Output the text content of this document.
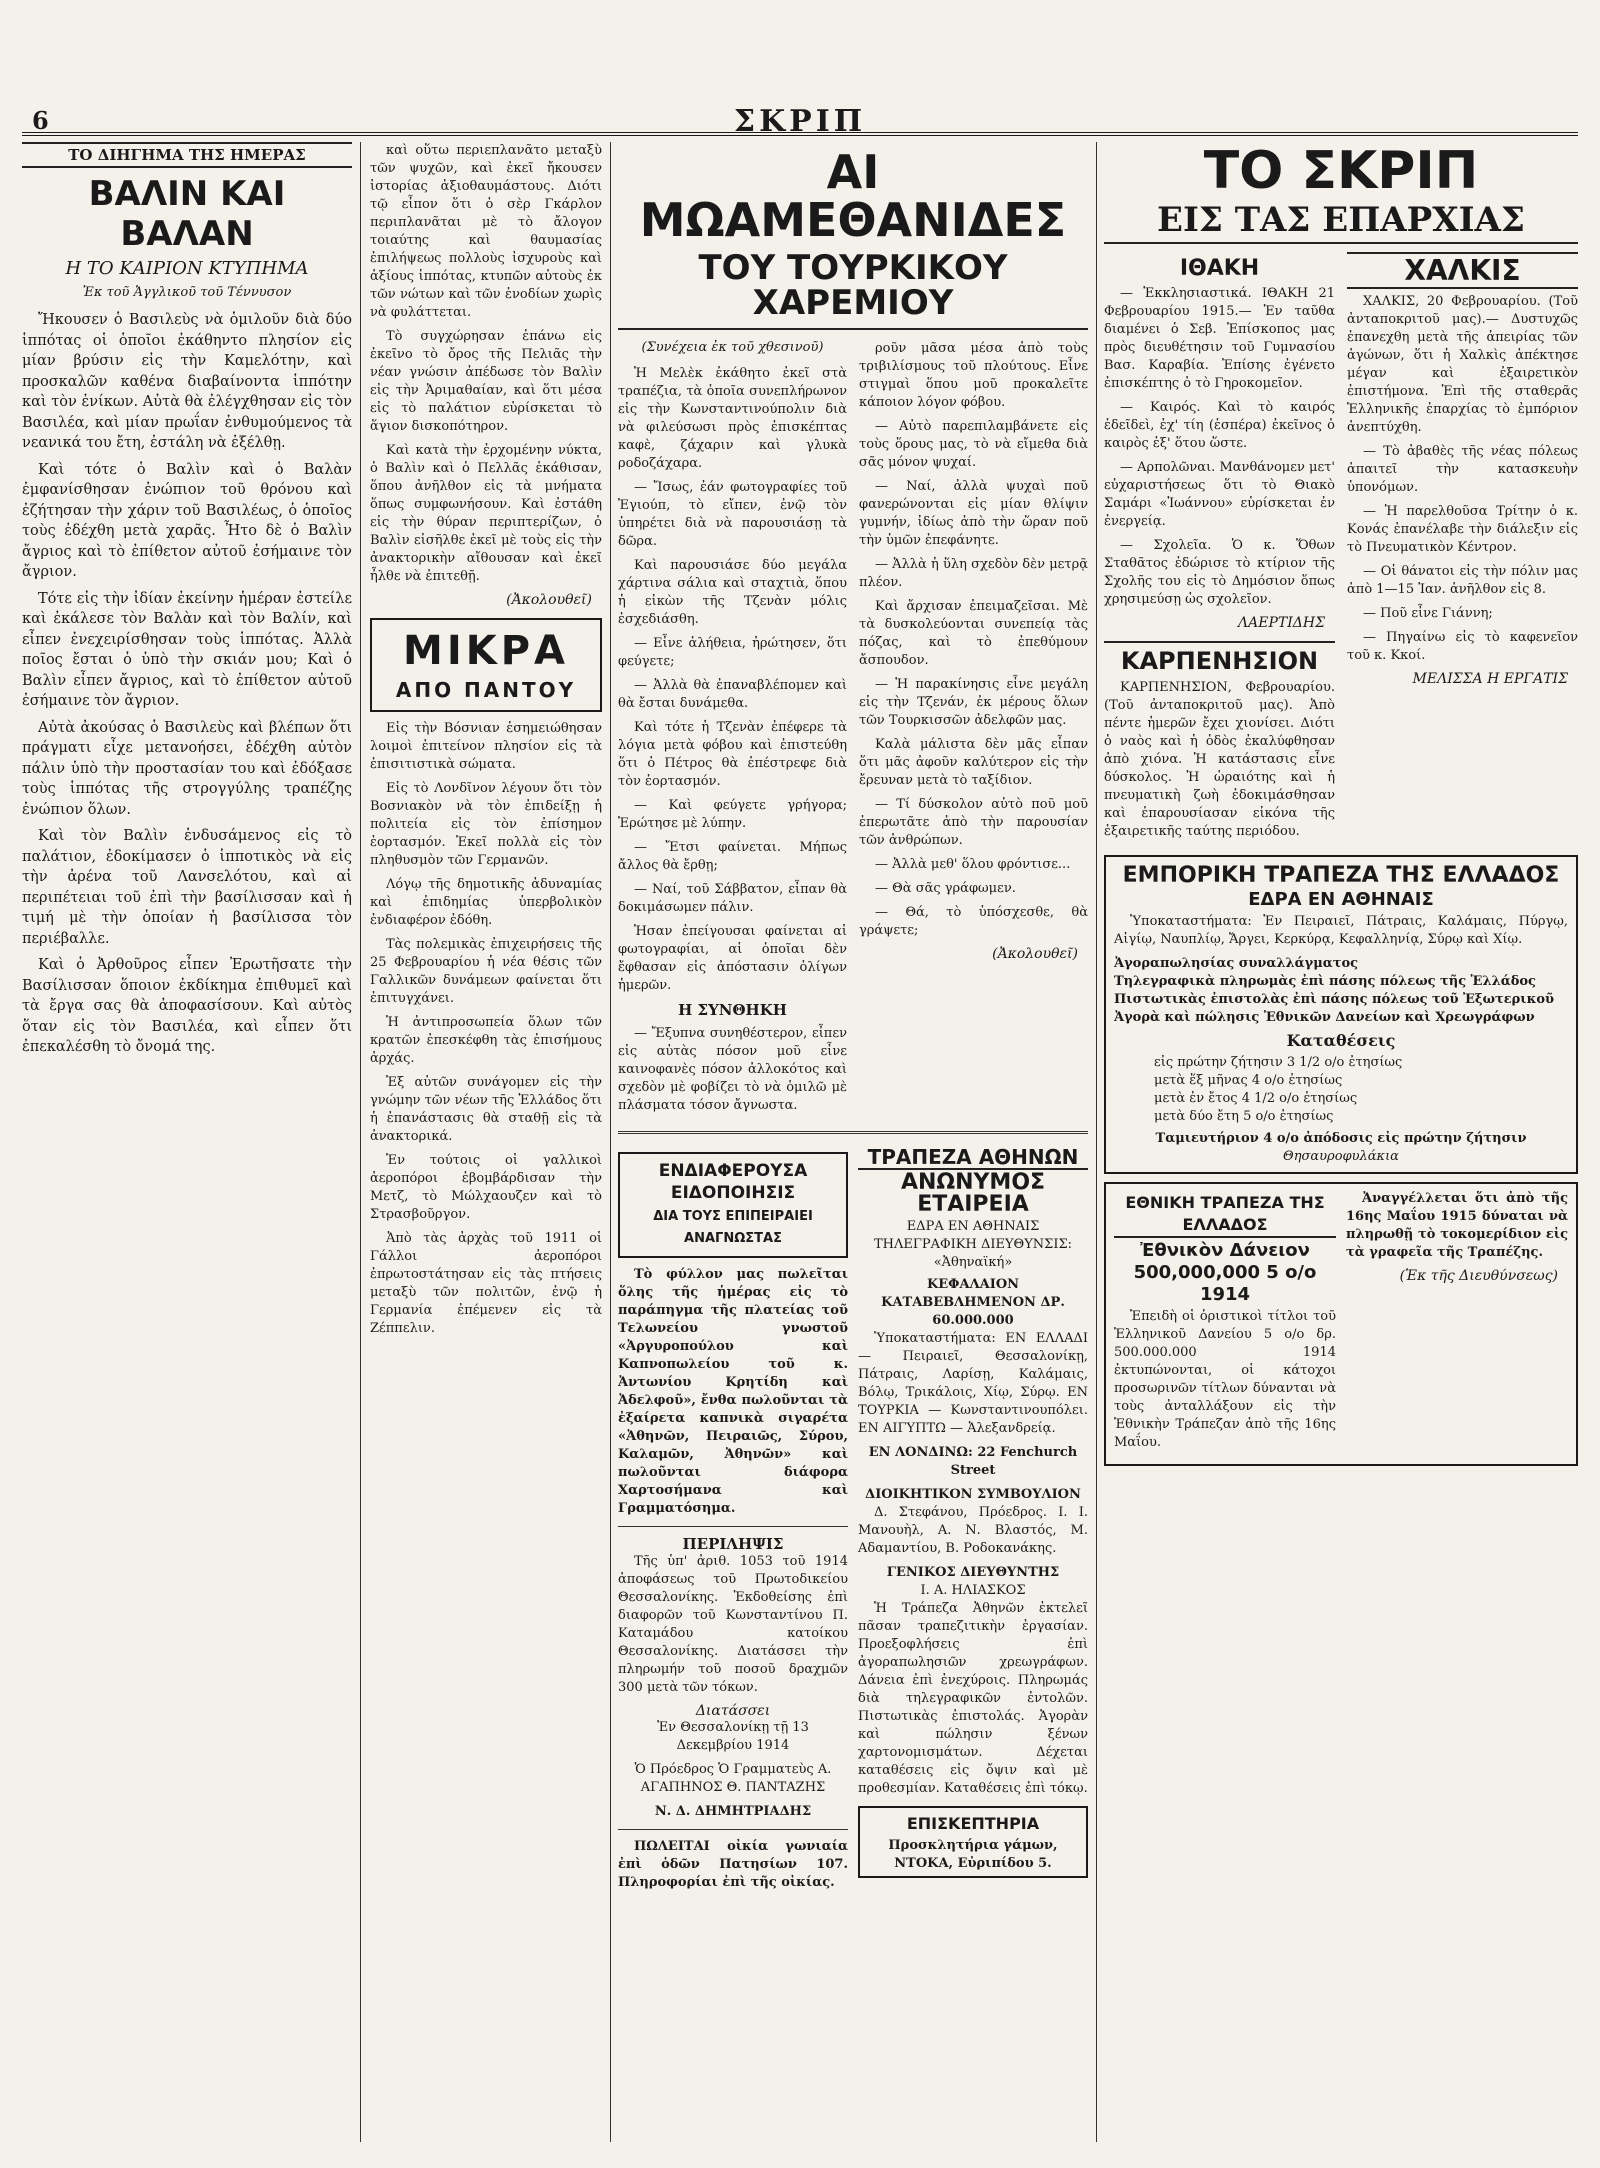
6	ΣΚΡΙΠ
ΤΟ ΔΙΗΓΗΜΑ ΤΗΣ ΗΜΕΡΑΣ
ΒΑΛΙΝ ΚΑΙ ΒΑΛΑΝ
Η ΤΟ ΚΑΙΡΙΟΝ ΚΤΥΠΗΜΑ
Ἐκ τοῦ Ἀγγλικοῦ τοῦ Τέννυσον

Ἤκουσεν ὁ Βασιλεὺς νὰ ὁμιλοῦν διὰ δύο ἱππότας οἱ ὁποῖοι ἐκάθηντο πλησίον εἰς μίαν βρύσιν εἰς τὴν Καμελότην, καὶ προσκαλῶν καθένα διαβαίνοντα ἱππότην καὶ τὸν ἐνίκων. Αὐτὰ θὰ ἐλέγχθησαν εἰς τὸν Βασιλέα, καὶ μίαν πρωΐαν ἐνθυμούμενος τὰ νεανικά του ἔτη, ἐστάλη νὰ ἐξέλθῃ.

Καὶ τότε ὁ Βαλὶν καὶ ὁ Βαλὰν ἐμφανίσθησαν ἐνώπιον τοῦ θρόνου καὶ ἐζήτησαν τὴν χάριν τοῦ Βασιλέως, ὁ ὁποῖος τοὺς ἐδέχθη μετὰ χαρᾶς. Ἦτο δὲ ὁ Βαλὶν ἄγριος καὶ τὸ ἐπίθετον αὐτοῦ ἐσήμαινε τὸν ἄγριον.

Τότε εἰς τὴν ἰδίαν ἐκείνην ἡμέραν ἐστείλε καὶ ἐκάλεσε τὸν Βαλὰν καὶ τὸν Βαλίν, καὶ εἶπεν ἐνεχειρίσθησαν τοὺς ἱππότας. Ἀλλὰ ποῖος ἔσται ὁ ὑπὸ τὴν σκιάν μου; Καὶ ὁ Βαλὶν εἶπεν ἄγριος, καὶ τὸ ἐπίθετον αὐτοῦ ἐσήμαινε τὸν ἄγριον.

Αὐτὰ ἀκούσας ὁ Βασιλεὺς καὶ βλέπων ὅτι πράγματι εἶχε μετανοήσει, ἐδέχθη αὐτὸν πάλιν ὑπὸ τὴν προστασίαν του καὶ ἐδόξασε τοὺς ἱππότας τῆς στρογγύλης τραπέζης ἐνώπιον ὅλων.

Καὶ τὸν Βαλὶν ἐνδυσάμενος εἰς τὸ παλάτιον, ἐδοκίμασεν ὁ ἱπποτικὸς νὰ εἰς τὴν ἀρένα τοῦ Λανσελότου, καὶ αἱ περιπέτειαι τοῦ ἐπὶ τὴν βασίλισσαν καὶ ἡ τιμή μὲ τὴν ὁποίαν ἡ βασίλισσα τὸν περιέβαλλε.

Καὶ ὁ Ἀρθοῦρος εἶπεν Ἐρωτῆσατε τὴν Βασίλισσαν ὅποιον ἐκδίκημα ἐπιθυμεῖ καὶ τὰ ἔργα σας θὰ ἀποφασίσουν. Καὶ αὐτὸς ὅταν εἰς τὸν Βασιλέα, καὶ εἶπεν ὅτι ἐπεκαλέσθη τὸ ὄνομά της.

καὶ οὕτω περιεπλανᾶτο μεταξὺ τῶν ψυχῶν, καὶ ἐκεῖ ἤκουσεν ἱστορίας ἀξιοθαυμάστους. Διότι τῷ εἶπον ὅτι ὁ σὲρ Γκάρλον περιπλανᾶται μὲ τὸ ἄλογον τοιαύτης καὶ θαυμασίας ἐπιλήψεως πολλοὺς ἰσχυροὺς καὶ ἀξίους ἱππότας, κτυπῶν αὐτοὺς ἐκ τῶν νώτων καὶ τῶν ἐνοδίων χωρὶς νὰ φυλάττεται.

Τὸ συγχώρησαν ἐπάνω εἰς ἐκεῖνο τὸ ὄρος τῆς Πελιᾶς τὴν νέαν γνώσιν ἀπέδωσε τὸν Βαλὶν εἰς τὴν Ἀριμαθαίαν, καὶ ὅτι μέσα εἰς τὸ παλάτιον εὑρίσκεται τὸ ἅγιον δισκοπότηρον.

Καὶ κατὰ τὴν ἐρχομένην νύκτα, ὁ Βαλὶν καὶ ὁ Πελλᾶς ἐκάθισαν, ὅπου ἀνῆλθον εἰς τὰ μνήματα ὅπως συμφωνήσουν. Καὶ ἐστάθη εἰς τὴν θύραν περιπτερίζων, ὁ Βαλὶν εἰσῆλθε ἐκεῖ μὲ τοὺς εἰς τὴν ἀνακτορικὴν αἴθουσαν καὶ ἐκεῖ ἦλθε νὰ ἐπιτεθῇ.

(Ἀκολουθεῖ)
ΜΙΚΡΑ
ΑΠΟ ΠΑΝΤΟΥ

Εἰς τὴν Βόσνιαν ἐσημειώθησαν λοιμοὶ ἐπιτείνον πλησίον εἰς τὰ ἐπισιτιστικὰ σώματα.

Εἰς τὸ Λονδῖνον λέγουν ὅτι τὸν Βοσνιακὸν νὰ τὸν ἐπιδείξῃ ἡ πολιτεία εἰς τὸν ἐπίσημον ἑορτασμόν. Ἐκεῖ πολλὰ εἰς τὸν πληθυσμὸν τῶν Γερμανῶν.

Λόγῳ τῆς δημοτικῆς ἀδυναμίας καὶ ἐπιδημίας ὑπερβολικὸν ἐνδιαφέρον ἐδόθη.

Τὰς πολεμικὰς ἐπιχειρήσεις τῆς 25 Φεβρουαρίου ἡ νέα θέσις τῶν Γαλλικῶν δυνάμεων φαίνεται ὅτι ἐπιτυγχάνει.

Ἡ ἀντιπροσωπεία ὅλων τῶν κρατῶν ἐπεσκέφθη τὰς ἐπισήμους ἀρχάς.

Ἐξ αὐτῶν συνάγομεν εἰς τὴν γνώμην τῶν νέων τῆς Ἑλλάδος ὅτι ἡ ἐπανάστασις θὰ σταθῇ εἰς τὰ ἀνακτορικά.

Ἐν τούτοις οἱ γαλλικοὶ ἀεροπόροι ἐβομβάρδισαν τὴν Μετζ, τὸ Μώλχαουζεν καὶ τὸ Στρασβοῦργον.

Ἀπὸ τὰς ἀρχὰς τοῦ 1911 οἱ Γάλλοι ἀεροπόροι ἐπρωτοστάτησαν εἰς τὰς πτήσεις μεταξὺ τῶν πολιτῶν, ἐνῷ ἡ Γερμανία ἐπέμενεν εἰς τὰ Ζέππελιν.

ΑΙ ΜΩΑΜΕΘΑΝΙΔΕΣ
ΤΟΥ ΤΟΥΡΚΙΚΟΥ ΧΑΡΕΜΙΟΥ
(Συνέχεια ἐκ τοῦ χθεσινοῦ)

Ἡ Μελὲκ ἐκάθητο ἐκεῖ στὰ τραπέζια, τὰ ὁποῖα συνεπλήρωνον εἰς τὴν Κωνσταντινούπολιν διὰ νὰ φιλεύσωσι πρὸς ἐπισκέπτας καφὲ, ζάχαριν καὶ γλυκὰ ροδοζάχαρα.

— Ἴσως, ἐάν φωτογραφίες τοῦ Ἐγιούπ, τὸ εἴπεν, ἐνῷ τὸν ὑπηρέτει διὰ νὰ παρουσιάσῃ τὰ δῶρα.

Καὶ παρουσιάσε δύο μεγάλα χάρτινα σάλια καὶ σταχτιὰ, ὅπου ἡ εἰκὼν τῆς Τζενὰν μόλις ἐσχεδιάσθη.

— Εἶνε ἀλήθεια, ἠρώτησεν, ὅτι φεύγετε;

— Ἀλλὰ θὰ ἐπαναβλέπομεν καὶ θὰ ἔσται δυνάμεθα.

Καὶ τότε ἡ Τζενὰν ἐπέφερε τὰ λόγια μετὰ φόβου καὶ ἐπιστεύθη ὅτι ὁ Πέτρος θὰ ἐπέστρεφε διὰ τὸν ἐορτασμόν.

— Καὶ φεύγετε γρήγορα; Ἐρώτησε μὲ λύπην.

— Ἔτσι φαίνεται. Μήπως ἄλλος θὰ ἔρθῃ;

— Ναί, τοῦ Σάββατον, εἶπαν θὰ δοκιμάσωμεν πάλιν.

Ἡσαν ἐπείγουσαι φαίνεται αἱ φωτογραφίαι, αἱ ὁποῖαι δὲν ἔφθασαν εἰς ἀπόστασιν ὀλίγων ἡμερῶν.

Η ΣΥΝΘΗΚΗ

— Ἔξυπνα συνηθέστερον, εἶπεν εἰς αὐτὰς πόσον μοῦ εἶνε καινοφανὲς πόσον ἀλλοκότος καὶ σχεδὸν μὲ φοβίζει τὸ νὰ ὁμιλῶ μὲ πλάσματα τόσον ἄγνωστα.

ροῦν μᾶσα μέσα ἀπὸ τοὺς τριβιλίσμους τοῦ πλούτους. Εἶνε στιγμαὶ ὅπου μοῦ προκαλεῖτε κάποιον λόγον φόβου.

— Αὐτὸ παρεπιλαμβάνετε εἰς τοὺς ὅρους μας, τὸ νὰ εἴμεθα διὰ σᾶς μόνον ψυχαί.

— Ναί, ἀλλὰ ψυχαὶ ποῦ φανερώνονται εἰς μίαν θλίψιν γυμνήν, ἰδίως ἀπὸ τὴν ὥραν ποῦ τὴν ὑμῶν ἐπεφάνητε.

— Ἀλλὰ ἡ ὕλη σχεδὸν δὲν μετρᾷ πλέον.

Καὶ ἄρχισαν ἐπειμαζεῖσαι. Μὲ τὰ δυσκολεύονται συνεπείᾳ τὰς πόζας, καὶ τὸ ἐπεθύμουν ἄσπουδον.

— Ἡ παρακίνησις εἶνε μεγάλη εἰς τὴν Τζενάν, ἐκ μέρους ὅλων τῶν Τουρκισσῶν ἀδελφῶν μας.

Καλὰ μάλιστα δὲν μᾶς εἶπαν ὅτι μᾶς ἀφοῦν καλύτερον εἰς τὴν ἔρευναν μετὰ τὸ ταξίδιον.

— Τί δύσκολον αὐτὸ ποῦ μοῦ ἐπερωτᾶτε ἀπὸ τὴν παρουσίαν τῶν ἀνθρώπων.

— Ἀλλὰ μεθ' ὅλου φρόντισε...

— Θὰ σᾶς γράφωμεν.

— Θά, τὸ ὑπόσχεσθε, θὰ γράψετε;

(Ἀκολουθεῖ)
ΕΝΔΙΑΦΕΡΟΥΣΑ ΕΙΔΟΠΟΙΗΣΙΣ
ΔΙΑ ΤΟΥΣ ΕΠΙΠΕΙΡΑΙΕΙ ΑΝΑΓΝΩΣΤΑΣ

Τὸ φύλλον μας πωλεῖται ὅλης τῆς ἡμέρας εἰς τὸ παράπηγμα τῆς πλατείας τοῦ Τελωνείου γνωστοῦ «Ἀργυροπούλου καὶ Καπνοπωλείου τοῦ κ. Ἀντωνίου Κρητίδη καὶ Ἀδελφοῦ», ἔνθα πωλοῦνται τὰ ἐξαίρετα καπνικὰ σιγαρέτα «Ἀθηνῶν, Πειραιῶς, Σύρου, Καλαμῶν, Ἀθηνῶν» καὶ πωλοῦνται διάφορα Χαρτοσήμανα καὶ Γραμματόσημα.

ΠΕΡΙΛΗΨΙΣ

Τῆς ὑπ' ἀριθ. 1053 τοῦ 1914 ἀποφάσεως τοῦ Πρωτοδικείου Θεσσαλονίκης. Ἐκδοθείσης ἐπὶ διαφορῶν τοῦ Κωνσταντίνου Π. Καταμάδου κατοίκου Θεσσαλονίκης. Διατάσσει τὴν πληρωμήν τοῦ ποσοῦ δραχμῶν 300 μετὰ τῶν τόκων.

Διατάσσει

Ἐν Θεσσαλονίκῃ τῇ 13 Δεκεμβρίου 1914

Ὁ Πρόεδρος Ὁ Γραμματεὺς Α. ΑΓΑΠΗΝΟΣ Θ. ΠΑΝΤΑΖΗΣ

Ν. Δ. ΔΗΜΗΤΡΙΑΔΗΣ

ΠΩΛΕΙΤΑΙ οἰκία γωνιαία ἐπὶ ὁδῶν Πατησίων 107. Πληροφορίαι ἐπὶ τῆς οἰκίας.

ΤΡΑΠΕΖΑ ΑΘΗΝΩΝ
ΑΝΩΝΥΜΟΣ ΕΤΑΙΡΕΙΑ
ΕΔΡΑ ΕΝ ΑΘΗΝΑΙΣ
ΤΗΛΕΓΡΑΦΙΚΗ ΔΙΕΥΘΥΝΣΙΣ: «Ἀθηναϊκή»
ΚΕΦΑΛΑΙΟΝ ΚΑΤΑΒΕΒΛΗΜΕΝΟΝ ΔΡ. 60.000.000

Ὑποκαταστήματα: ΕΝ ΕΛΛΑΔΙ — Πειραιεῖ, Θεσσαλονίκῃ, Πάτραις, Λαρίσῃ, Καλάμαις, Βόλῳ, Τρικάλοις, Χίῳ, Σύρῳ. ΕΝ ΤΟΥΡΚΙΑ — Κωνσταντινουπόλει. ΕΝ ΑΙΓΥΠΤΩ — Ἀλεξανδρείᾳ.

ΕΝ ΛΟΝΔΙΝΩ: 22 Fenchurch Street

ΔΙΟΙΚΗΤΙΚΟΝ ΣΥΜΒΟΥΛΙΟΝ

Δ. Στεφάνου, Πρόεδρος. Ι. Ι. Μανουὴλ, Α. Ν. Βλαστός, Μ. Αδαμαντίου, Β. Ροδοκανάκης.

ΓΕΝΙΚΟΣ ΔΙΕΥΘΥΝΤΗΣ
Ι. Α. ΗΛΙΑΣΚΟΣ

Ἡ Τράπεζα Ἀθηνῶν ἐκτελεῖ πᾶσαν τραπεζιτικὴν ἐργασίαν. Προεξοφλήσεις ἐπὶ ἀγοραπωλησιῶν χρεωγράφων. Δάνεια ἐπὶ ἐνεχύροις. Πληρωμάς διὰ τηλεγραφικῶν ἐντολῶν. Πιστωτικὰς ἐπιστολάς. Ἀγορὰν καὶ πώλησιν ξένων χαρτονομισμάτων. Δέχεται καταθέσεις εἰς ὄψιν καὶ μὲ προθεσμίαν. Καταθέσεις ἐπὶ τόκῳ.

ΕΠΙΣΚΕΠΤΗΡΙΑ
Προσκλητήρια γάμων, ΝΤΟΚΑ, Εὐριπίδου 5.
ΤΟ ΣΚΡΙΠ
ΕΙΣ ΤΑΣ ΕΠΑΡΧΙΑΣ
ΙΘΑΚΗ

— Ἐκκλησιαστικά. ΙΘΑΚΗ 21 Φεβρουαρίου 1915.— Ἐν ταῦθα διαμένει ὁ Σεβ. Ἐπίσκοπος μας πρὸς διευθέτησιν τοῦ Γυμνασίου Βασ. Καραβία. Ἐπίσης ἐγένετο ἐπισκέπτης ὁ τὸ Γηροκομεῖον.

— Καιρός. Καὶ τὸ καιρός ἐδεῖδεὶ, ἐχ' τίη (ἑσπέρα) ἐκεῖνος ὁ καιρὸς ἐξ' ὅτου ὥστε.

— Αρπολῶναι. Μανθάνομεν μετ' εὐχαριστήσεως ὅτι τὸ Θιακὸ Σαμάρι «Ἰωάννου» εὑρίσκεται ἐν ἐνεργείᾳ.

— Σχολεῖα. Ὁ κ. Ὅθων Σταθᾶτος ἐδώρισε τὸ κτίριον τῆς Σχολῆς του εἰς τὸ Δημόσιον ὅπως χρησιμεύσῃ ὡς σχολεῖον.

ΛΑΕΡΤΙΔΗΣ
ΚΑΡΠΕΝΗΣΙΟΝ

ΚΑΡΠΕΝΗΣΙΟΝ, Φεβρουαρίου. (Τοῦ ἀνταποκριτοῦ μας). Ἀπὸ πέντε ἡμερῶν ἔχει χιονίσει. Διότι ὁ ναὸς καὶ ἡ ὁδὸς ἐκαλύφθησαν ἀπὸ χιόνα. Ἡ κατάστασις εἶνε δύσκολος. Ἡ ὡραιότης καὶ ἡ πνευματικὴ ζωὴ ἐδοκιμάσθησαν καὶ ἐπαρουσίασαν εἰκόνα τῆς ἐξαιρετικῆς ταύτης περιόδου.

ΧΑΛΚΙΣ

ΧΑΛΚΙΣ, 20 Φεβρουαρίου. (Τοῦ ἀνταποκριτοῦ μας).— Δυστυχῶς ἐπανεχθη μετὰ τῆς ἀπειρίας τῶν ἀγώνων, ὅτι ἡ Χαλκὶς ἀπέκτησε μέγαν καὶ ἐξαιρετικὸν ἐπιστήμονα. Ἐπὶ τῆς σταθερᾶς Ἑλληνικῆς ἐπαρχίας τὸ ἐμπόριον ἀνεπτύχθη.

— Τὸ ἀβαθὲς τῆς νέας πόλεως ἀπαιτεῖ τὴν κατασκευὴν ὑπονόμων.

— Ἡ παρελθοῦσα Τρίτην ὁ κ. Κονάς ἐπανέλαβε τὴν διάλεξιν εἰς τὸ Πνευματικὸν Κέντρον.

— Οἱ θάνατοι εἰς τὴν πόλιν μας ἀπὸ 1—15 Ἰαν. ἀνῆλθον εἰς 8.

— Ποῦ εἶνε Γιάννη;

— Πηγαίνω εἰς τὸ καφενεῖον τοῦ κ. Κκοί.

ΜΕΛΙΣΣΑ Η ΕΡΓΑΤΙΣ
ΕΜΠΟΡΙΚΗ ΤΡΑΠΕΖΑ ΤΗΣ ΕΛΛΑΔΟΣ
ΕΔΡΑ ΕΝ ΑΘΗΝΑΙΣ

Ὑποκαταστήματα: Ἐν Πειραιεῖ, Πάτραις, Καλάμαις, Πύργῳ, Αἰγίῳ, Ναυπλίῳ, Ἄργει, Κερκύρᾳ, Κεφαλληνίᾳ, Σύρῳ καὶ Χίῳ.

Ἀγοραπωλησίας συναλλάγματος
Τηλεγραφικὰ πληρωμὰς ἐπὶ πάσης πόλεως τῆς Ἑλλάδος
Πιστωτικὰς ἐπιστολὰς ἐπὶ πάσης πόλεως τοῦ Ἐξωτερικοῦ
Ἀγορὰ καὶ πώλησις Ἐθνικῶν Δανείων καὶ Χρεωγράφων
Καταθέσεις
εἰς πρώτην ζήτησιν 3 1/2 ο/ο ἐτησίως
μετὰ ἕξ μῆνας 4 ο/ο ἐτησίως
μετὰ ἐν ἔτος 4 1/2 ο/ο ἐτησίως
μετὰ δύο ἔτη 5 ο/ο ἐτησίως
Ταμιευτήριον 4 ο/ο ἀπόδοσις εἰς πρώτην ζήτησιν
Θησαυροφυλάκια
ΕΘΝΙΚΗ ΤΡΑΠΕΖΑ ΤΗΣ ΕΛΛΑΔΟΣ
Ἐθνικὸν Δάνειον 500,000,000 5 ο/ο 1914

Ἐπειδὴ οἱ ὁριστικοὶ τίτλοι τοῦ Ἑλληνικοῦ Δανείου 5 ο/ο δρ. 500.000.000 1914 ἐκτυπώνονται, οἱ κάτοχοι προσωρινῶν τίτλων δύνανται νὰ τοὺς ἀνταλλάξουν εἰς τὴν Ἐθνικὴν Τράπεζαν ἀπὸ τῆς 16ης Μαΐου.

Ἀναγγέλλεται ὅτι ἀπὸ τῆς 16ης Μαΐου 1915 δύναται νὰ πληρωθῇ τὸ τοκομερίδιον εἰς τὰ γραφεῖα τῆς Τραπέζης.

(Ἐκ τῆς Διευθύνσεως)
